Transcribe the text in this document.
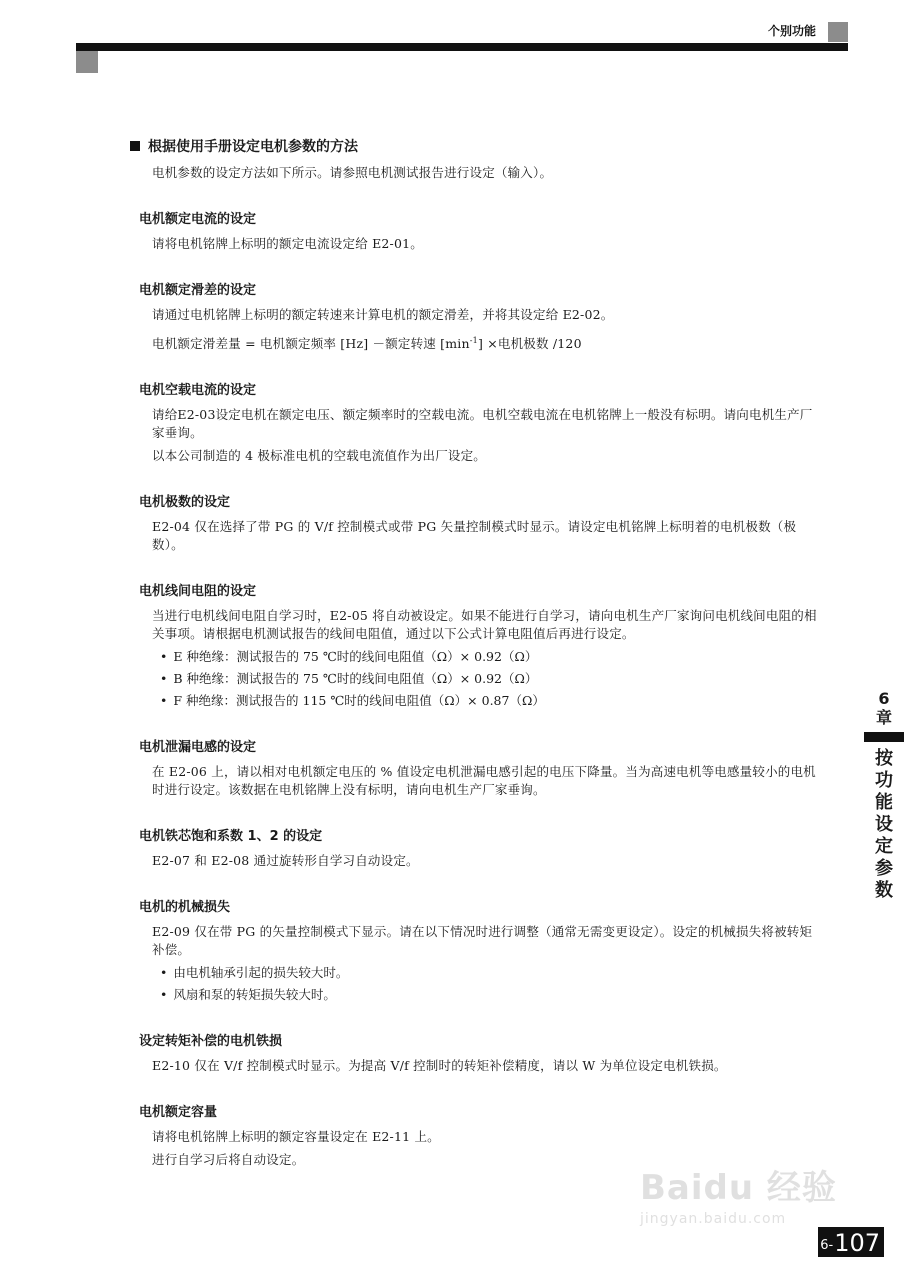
个别功能
根据使用手册设定电机参数的方法

电机参数的设定方法如下所示。请参照电机测试报告进行设定（输入）。

电机额定电流的设定

请将电机铭牌上标明的额定电流设定给 E2-01。

电机额定滑差的设定

请通过电机铭牌上标明的额定转速来计算电机的额定滑差，并将其设定给 E2-02。

电机额定滑差量 = 电机额定频率 [Hz] －额定转速 $[\min^{-1}]$ ×电机极数 /120

电机空载电流的设定

请给E2-03设定电机在额定电压、额定频率时的空载电流。电机空载电流在电机铭牌上一般没有标明。请向电机生产厂家垂询。

以本公司制造的 4 极标准电机的空载电流值作为出厂设定。

电机极数的设定

E2-04 仅在选择了带 PG 的 V/f 控制模式或带 PG 矢量控制模式时显示。请设定电机铭牌上标明着的电机极数（极数）。

电机线间电阻的设定

当进行电机线间电阻自学习时，E2-05 将自动被设定。如果不能进行自学习，请向电机生产厂家询问电机线间电阻的相关事项。请根据电机测试报告的线间电阻值，通过以下公式计算电阻值后再进行设定。

• E 种绝缘：测试报告的 75 ℃时的线间电阻值（Ω）× 0.92（Ω）
• B 种绝缘：测试报告的 75 ℃时的线间电阻值（Ω）× 0.92（Ω）
• F 种绝缘：测试报告的 115 ℃时的线间电阻值（Ω）× 0.87（Ω）
电机泄漏电感的设定

在 E2-06 上，请以相对电机额定电压的 % 值设定电机泄漏电感引起的电压下降量。当为高速电机等电感量较小的电机时进行设定。该数据在电机铭牌上没有标明，请向电机生产厂家垂询。

电机铁芯饱和系数 1、2 的设定

E2-07 和 E2-08 通过旋转形自学习自动设定。

电机的机械损失

E2-09 仅在带 PG 的矢量控制模式下显示。请在以下情况时进行调整（通常无需变更设定）。设定的机械损失将被转矩补偿。

• 由电机轴承引起的损失较大时。
• 风扇和泵的转矩损失较大时。
设定转矩补偿的电机铁损

E2-10 仅在 V/f 控制模式时显示。为提高 V/f 控制时的转矩补偿精度，请以 W 为单位设定电机铁损。

电机额定容量

请将电机铭牌上标明的额定容量设定在 E2-11 上。

进行自学习后将自动设定。

6
章
按
功
能
设
定
参
数
Baidu 经验
jingyan.baidu.com
6- 107
